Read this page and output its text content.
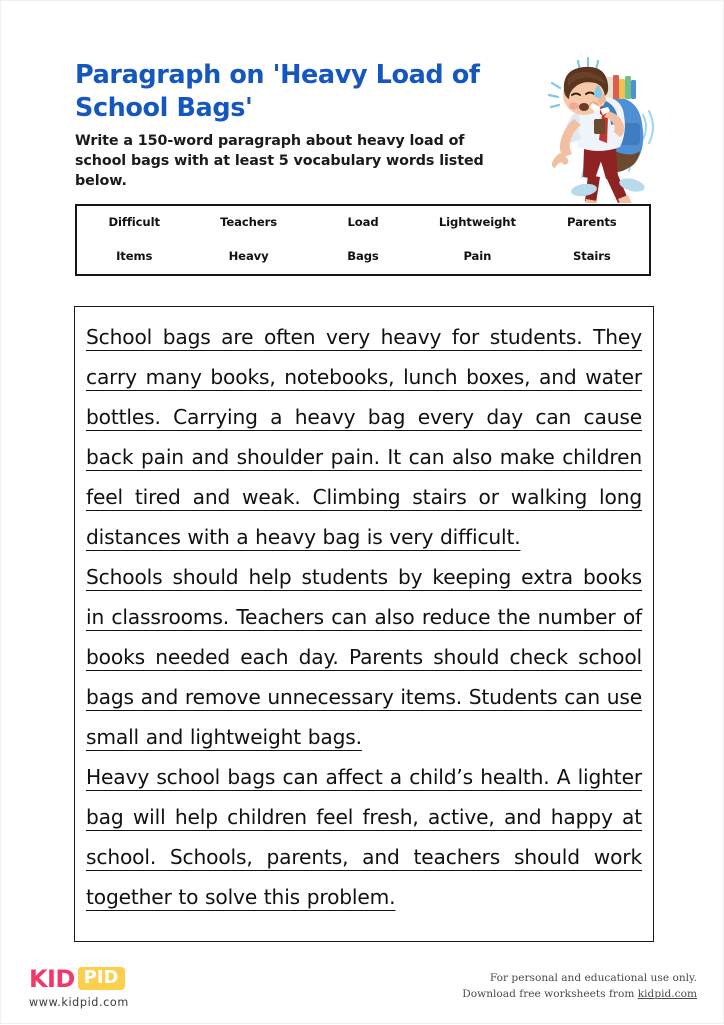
Paragraph on 'Heavy Load of School Bags'

Write a 150-word paragraph about heavy load of school bags with at least 5 vocabulary words listed below.

Difficult	Teachers	Load	Lightweight	Parents
Items	Heavy	Bags	Pain	Stairs

School bags are often very heavy for students. They carry many books, notebooks, lunch boxes, and water bottles. Carrying a heavy bag every day can cause back pain and shoulder pain. It can also make children feel tired and weak. Climbing stairs or walking long distances with a heavy bag is very difficult.

Schools should help students by keeping extra books in classrooms. Teachers can also reduce the number of books needed each day. Parents should check school bags and remove unnecessary items. Students can use small and lightweight bags.

Heavy school bags can affect a child’s health. A lighter bag will help children feel fresh, active, and happy at school. Schools, parents, and teachers should work together to solve this problem.

KID PID
www.kidpid.com
For personal and educational use only.
Download free worksheets from kidpid.com
